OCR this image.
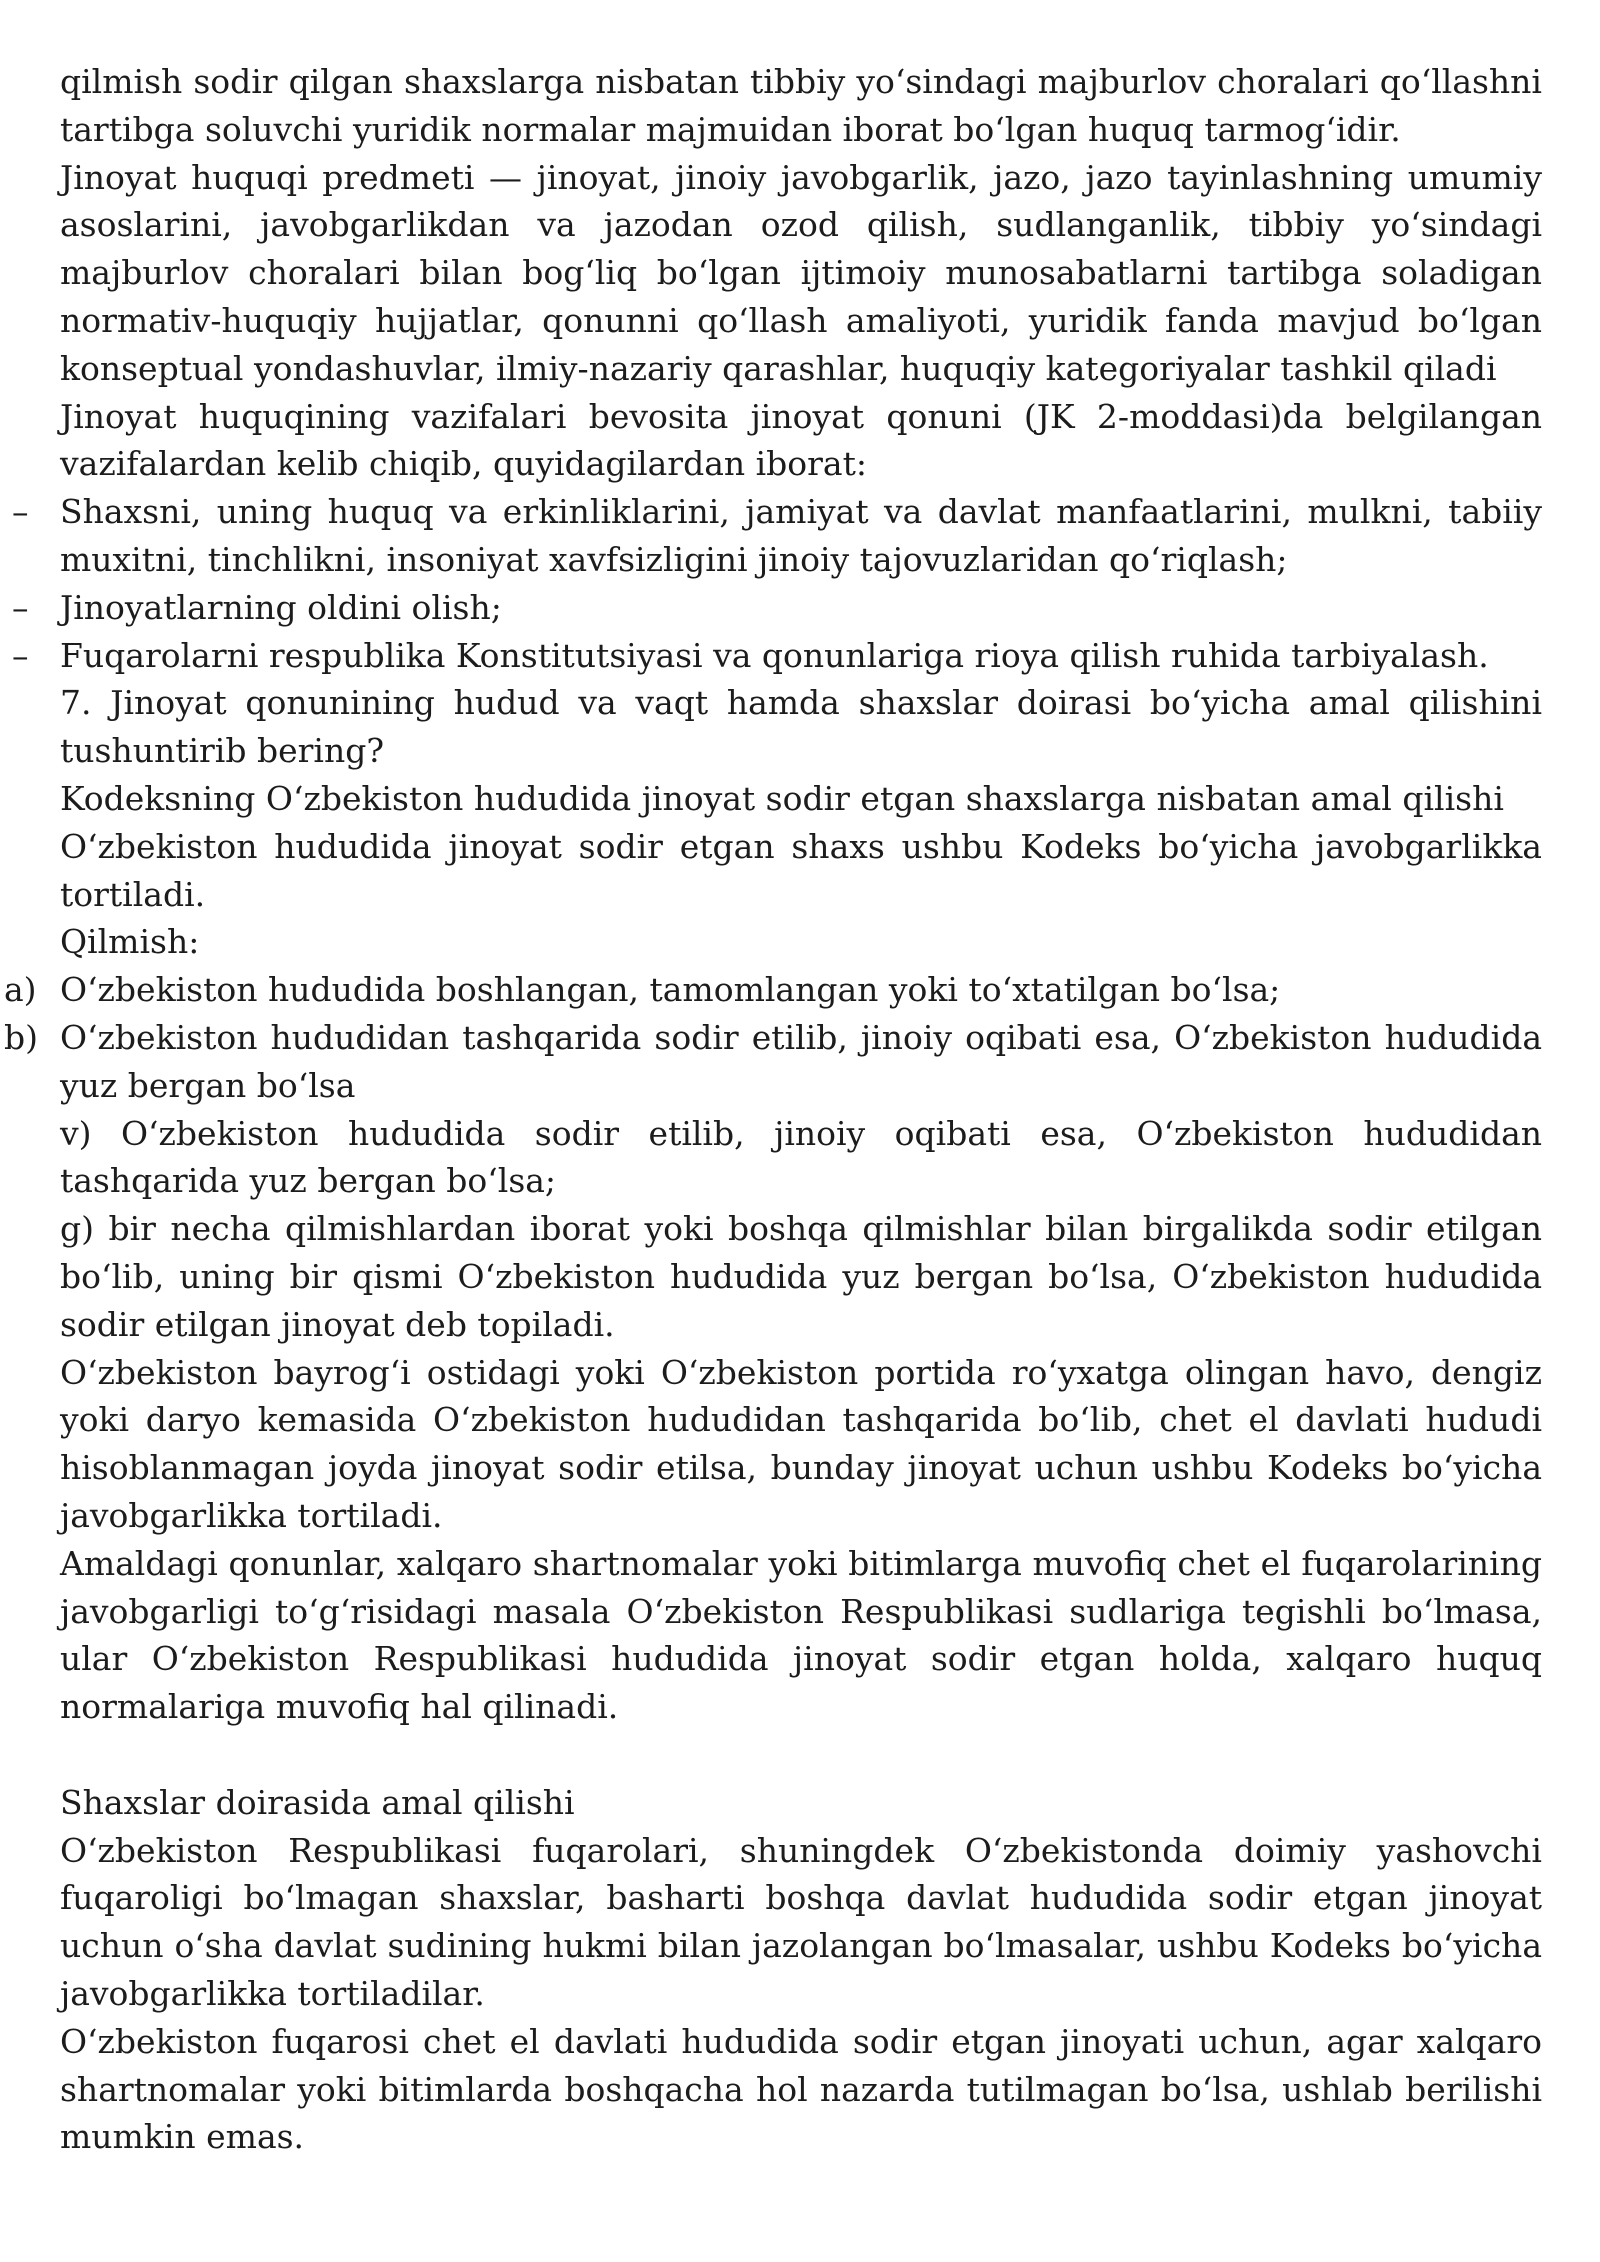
qilmish sodir qilgan shaxslarga nisbatan tibbiy yo‘sindagi majburlov choralari qo‘llashni tartibga soluvchi yuridik normalar majmuidan iborat bo‘lgan huquq tarmog‘idir.

Jinoyat huquqi predmeti — jinoyat, jinoiy javobgarlik, jazo, jazo tayinlashning umumiy asoslarini, javobgarlikdan va jazodan ozod qilish, sudlanganlik, tibbiy yo‘sindagi majburlov choralari bilan bog‘liq bo‘lgan ijtimoiy munosabatlarni tartibga soladigan normativ-huquqiy hujjatlar, qonunni qo‘llash amaliyoti, yuridik fanda mavjud bo‘lgan konseptual yondashuvlar, ilmiy-nazariy qarashlar, huquqiy kategoriyalar tashkil qiladi

Jinoyat huquqining vazifalari bevosita jinoyat qonuni (JK 2-moddasi)da belgilangan vazifalardan kelib chiqib, quyidagilardan iborat:

– Shaxsni, uning huquq va erkinliklarini, jamiyat va davlat manfaatlarini, mulkni, tabiiy muxitni, tinchlikni, insoniyat xavfsizligini jinoiy tajovuzlaridan qo‘riqlash;

– Jinoyatlarning oldini olish;

– Fuqarolarni respublika Konstitutsiyasi va qonunlariga rioya qilish ruhida tarbiyalash.

7. Jinoyat qonunining hudud va vaqt hamda shaxslar doirasi bo‘yicha amal qilishini tushuntirib bering?

Kodeksning O‘zbekiston hududida jinoyat sodir etgan shaxslarga nisbatan amal qilishi

O‘zbekiston hududida jinoyat sodir etgan shaxs ushbu Kodeks bo‘yicha javobgarlikka tortiladi.

Qilmish:

a) O‘zbekiston hududida boshlangan, tamomlangan yoki to‘xtatilgan bo‘lsa;

b) O‘zbekiston hududidan tashqarida sodir etilib, jinoiy oqibati esa, O‘zbekiston hududida yuz bergan bo‘lsa

v) O‘zbekiston hududida sodir etilib, jinoiy oqibati esa, O‘zbekiston hududidan tashqarida yuz bergan bo‘lsa;

g) bir necha qilmishlardan iborat yoki boshqa qilmishlar bilan birgalikda sodir etilgan bo‘lib, uning bir qismi O‘zbekiston hududida yuz bergan bo‘lsa, O‘zbekiston hududida sodir etilgan jinoyat deb topiladi.

O‘zbekiston bayrog‘i ostidagi yoki O‘zbekiston portida ro‘yxatga olingan havo, dengiz yoki daryo kemasida O‘zbekiston hududidan tashqarida bo‘lib, chet el davlati hududi hisoblanmagan joyda jinoyat sodir etilsa, bunday jinoyat uchun ushbu Kodeks bo‘yicha javobgarlikka tortiladi.

Amaldagi qonunlar, xalqaro shartnomalar yoki bitimlarga muvofiq chet el fuqarolarining javobgarligi to‘g‘risidagi masala O‘zbekiston Respublikasi sudlariga tegishli bo‘lmasa, ular O‘zbekiston Respublikasi hududida jinoyat sodir etgan holda, xalqaro huquq normalariga muvofiq hal qilinadi.

Shaxslar doirasida amal qilishi

O‘zbekiston Respublikasi fuqarolari, shuningdek O‘zbekistonda doimiy yashovchi fuqaroligi bo‘lmagan shaxslar, basharti boshqa davlat hududida sodir etgan jinoyat uchun o‘sha davlat sudining hukmi bilan jazolangan bo‘lmasalar, ushbu Kodeks bo‘yicha javobgarlikka tortiladilar.

O‘zbekiston fuqarosi chet el davlati hududida sodir etgan jinoyati uchun, agar xalqaro shartnomalar yoki bitimlarda boshqacha hol nazarda tutilmagan bo‘lsa, ushlab berilishi mumkin emas.
